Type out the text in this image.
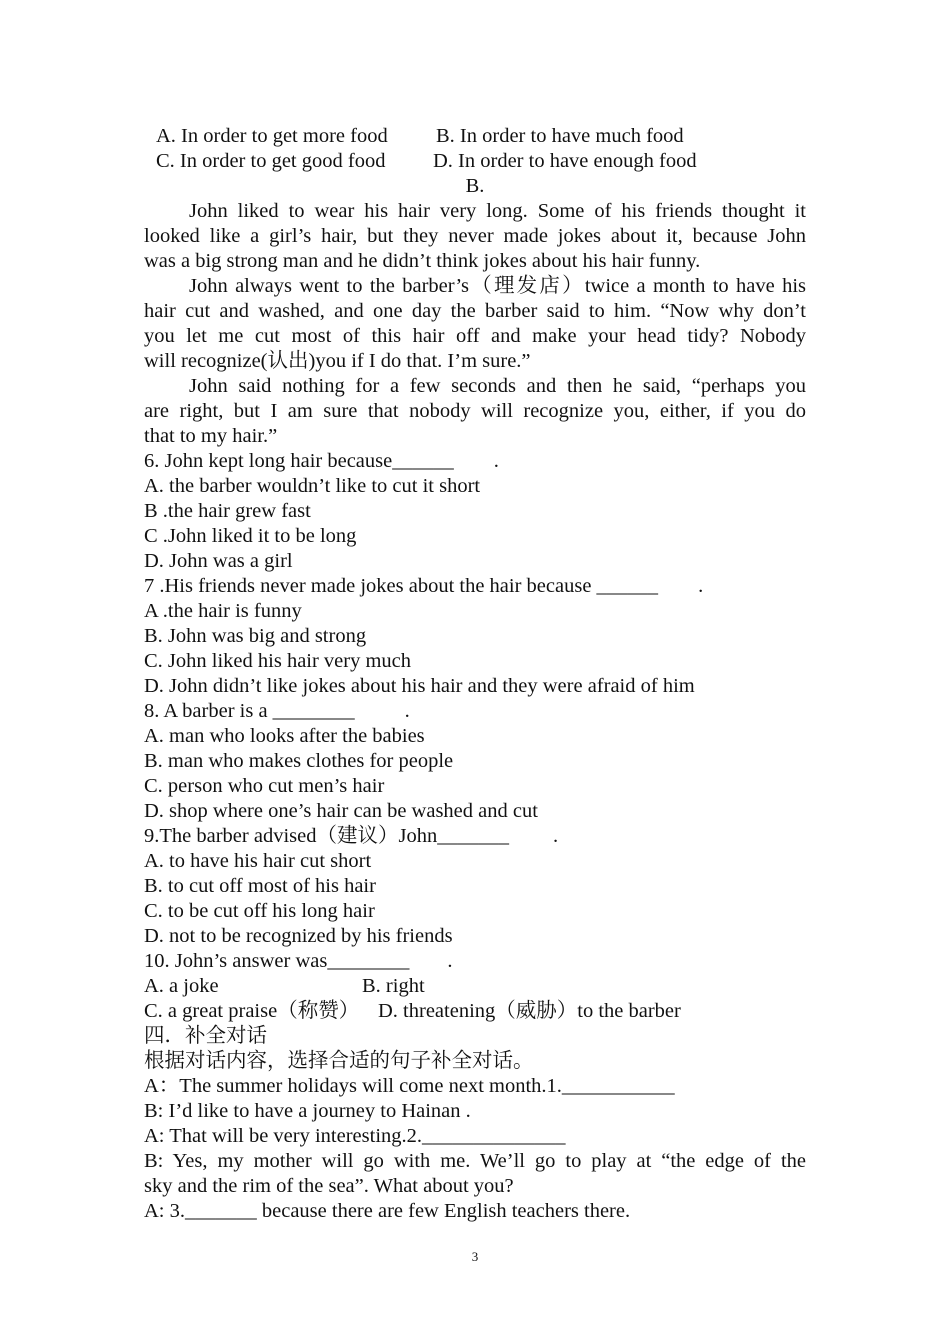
A. In order to get more food B. In order to have much food
C. In order to get good food D. In order to have enough food
B.
John liked to wear his hair very long. Some of his friends thought it
looked like a girl’s hair, but they never made jokes about it, because John
was a big strong man and he didn’t think jokes about his hair funny.
John always went to the barber’s（理发店）twice a month to have his
hair cut and washed, and one day the barber said to him. “Now why don’t
you let me cut most of this hair off and make your head tidy? Nobody
will recognize(认出)you if I do that. I’m sure.”
John said nothing for a few seconds and then he said, “perhaps you
are right, but I am sure that nobody will recognize you, either, if you do
that to my hair.”
6. John kept long hair because______ .
A. the barber wouldn’t like to cut it short
B .the hair grew fast
C .John liked it to be long
D. John was a girl
7 .His friends never made jokes about the hair because ______ .
A .the hair is funny
B. John was big and strong
C. John liked his hair very much
D. John didn’t like jokes about his hair and they were afraid of him
8. A barber is a ________ .
A. man who looks after the babies
B. man who makes clothes for people
C. person who cut men’s hair
D. shop where one’s hair can be washed and cut
9.The barber advised（建议）John_______ .
A. to have his hair cut short
B. to cut off most of his hair
C. to be cut off his long hair
D. not to be recognized by his friends
10. John’s answer was________ .
A. a joke	B. right
C. a great praise（称赞） D. threatening（威胁）to the barber
四．补全对话
根据对话内容，选择合适的句子补全对话。
A：The summer holidays will come next month.1.___________
B: I’d like to have a journey to Hainan .
A: That will be very interesting.2.______________
B: Yes, my mother will go with me. We’ll go to play at “the edge of the
sky and the rim of the sea”. What about you?
A: 3._______ because there are few English teachers there.
3
